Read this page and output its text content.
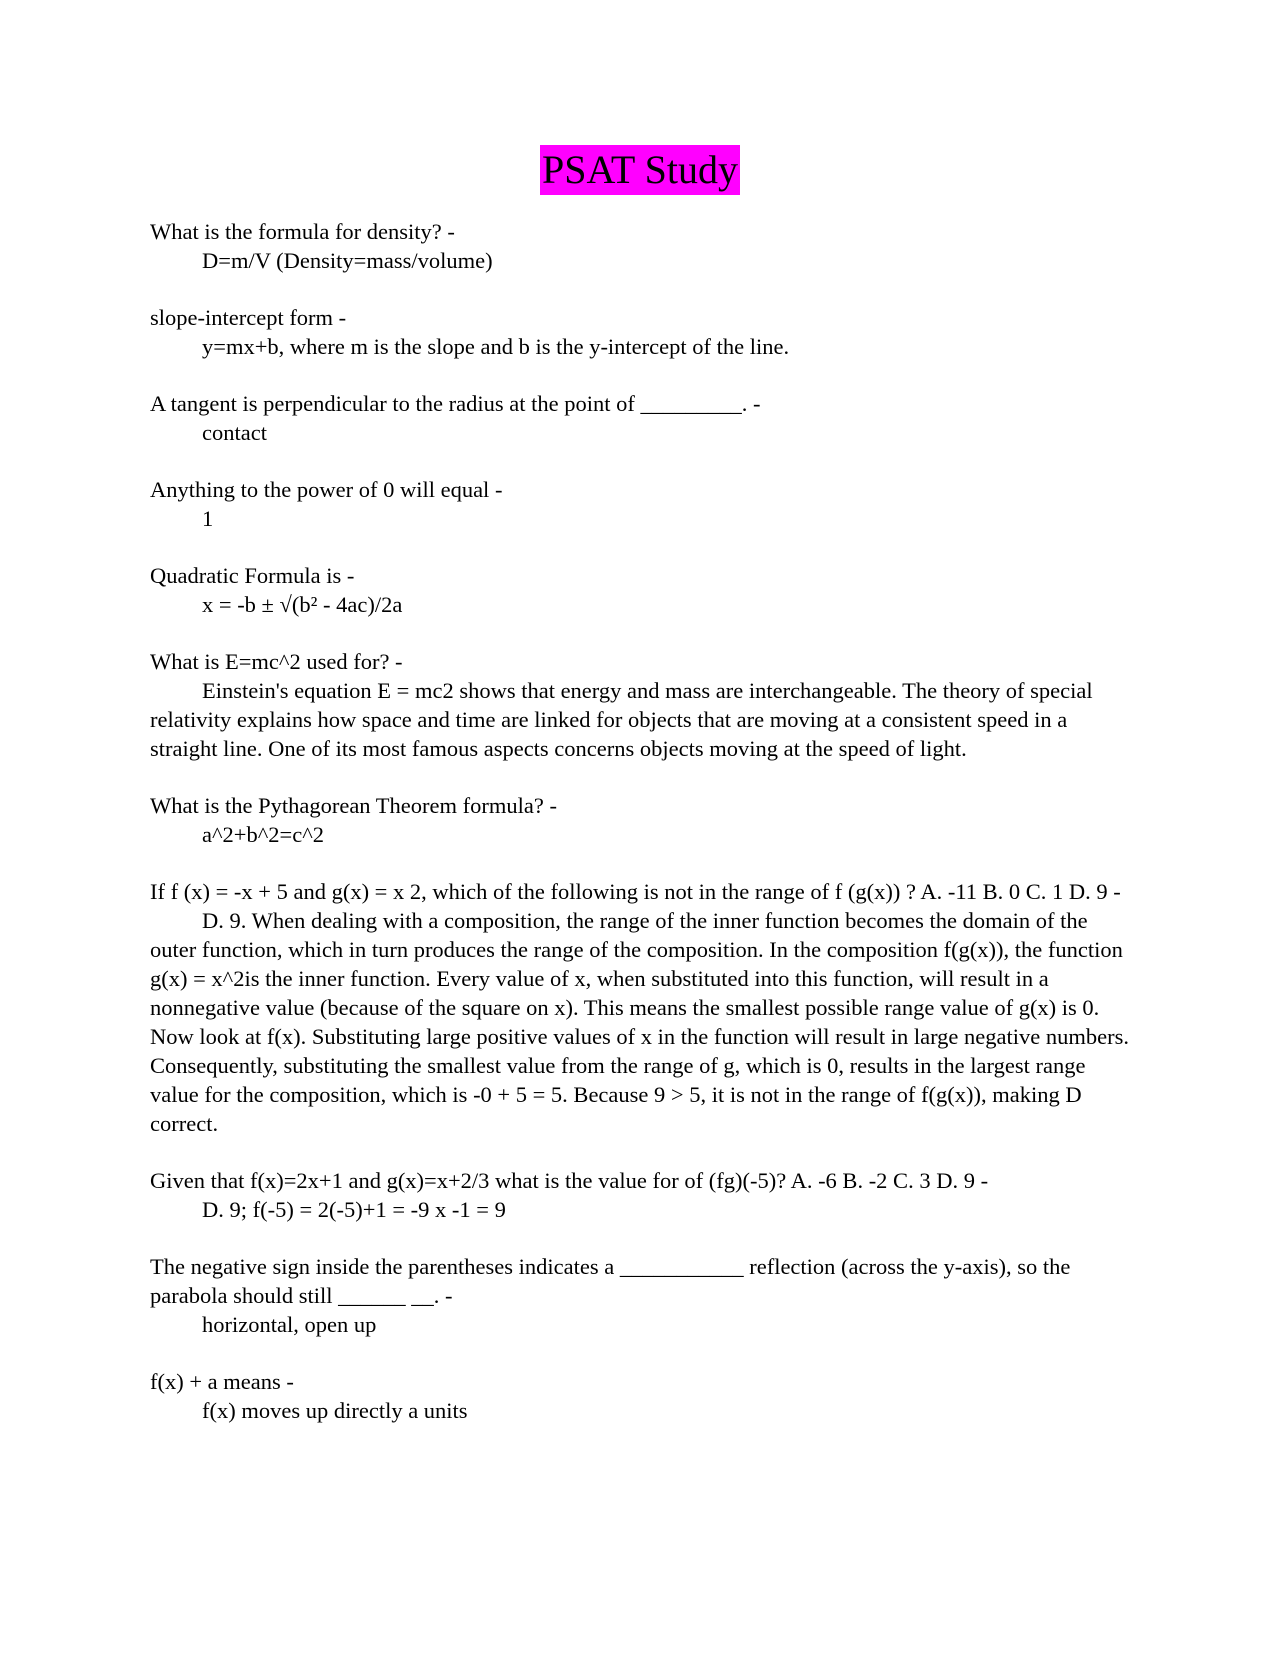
PSAT Study

What is the formula for density? -

D=m/V (Density=mass/volume)

slope-intercept form -

y=mx+b, where m is the slope and b is the y-intercept of the line.

A tangent is perpendicular to the radius at the point of _________. -

contact

Anything to the power of 0 will equal -

1

Quadratic Formula is -

x = -b ± √(b² - 4ac)/2a

What is E=mc^2 used for? -

Einstein's equation E = mc2 shows that energy and mass are interchangeable. The theory of special relativity explains how space and time are linked for objects that are moving at a consistent speed in a straight line. One of its most famous aspects concerns objects moving at the speed of light.

What is the Pythagorean Theorem formula? -

a^2+b^2=c^2

If f (x) = -x + 5 and g(x) = x 2, which of the following is not in the range of f (g(x)) ? A. -11 B. 0 C. 1 D. 9 -

D. 9. When dealing with a composition, the range of the inner function becomes the domain of the outer function, which in turn produces the range of the composition. In the composition f(g(x)), the function g(x) = x^2is the inner function. Every value of x, when substituted into this function, will result in a nonnegative value (because of the square on x). This means the smallest possible range value of g(x) is 0. Now look at f(x). Substituting large positive values of x in the function will result in large negative numbers. Consequently, substituting the smallest value from the range of g, which is 0, results in the largest range value for the composition, which is -0 + 5 = 5. Because 9 > 5, it is not in the range of f(g(x)), making D correct.

Given that f(x)=2x+1 and g(x)=x+2/3 what is the value for of (fg)(-5)? A. -6 B. -2 C. 3 D. 9 -

D. 9; f(-5) = 2(-5)+1 = -9 x -1 = 9

The negative sign inside the parentheses indicates a ___________ reflection (across the y-axis), so the parabola should still ______ __. -

horizontal, open up

f(x) + a means -

f(x) moves up directly a units
